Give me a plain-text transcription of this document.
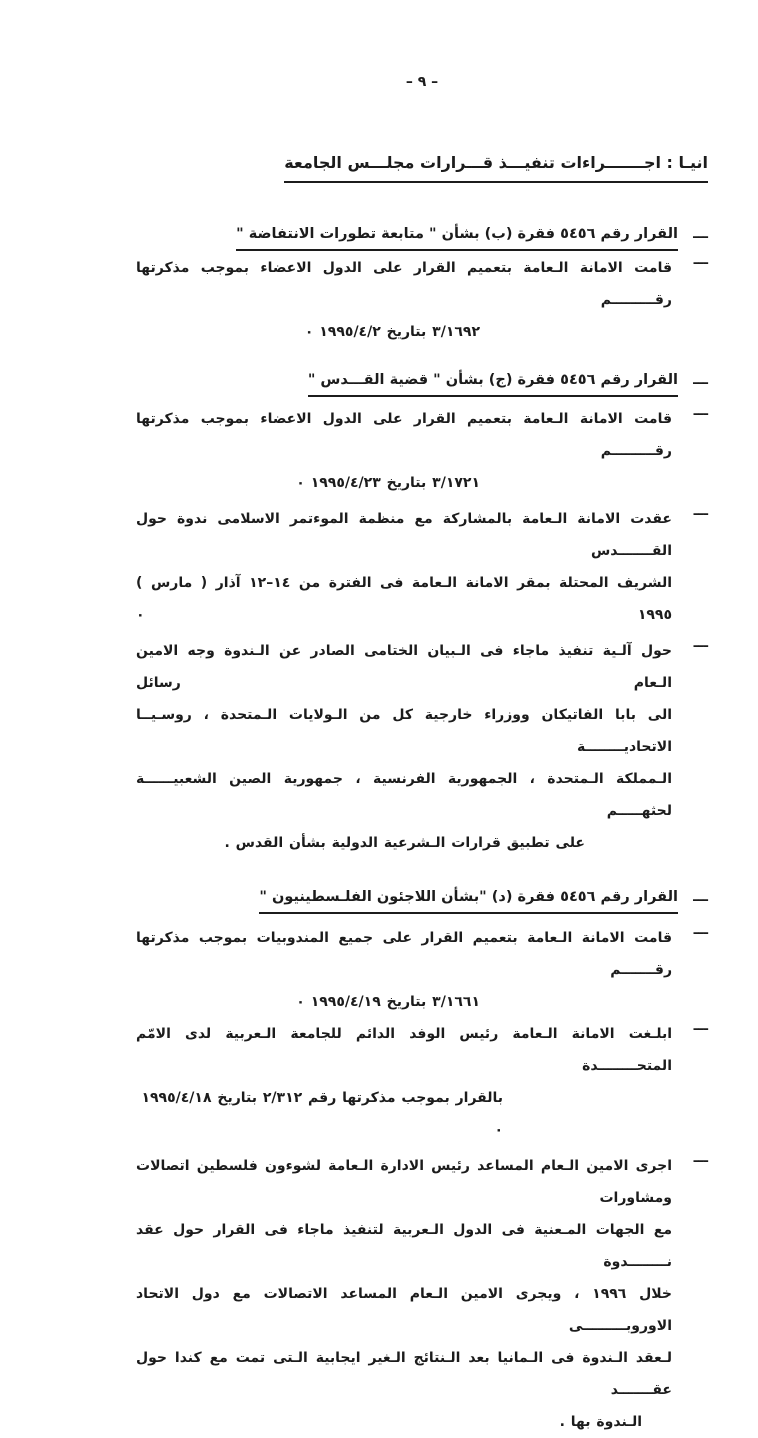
– ٩ –
انيـا : اجـــــــراءات تنفيـــذ قـــرارات مجلـــس الجامعة
ـــ
القرار رقم ٥٤٥٦ فقرة (ب) بشأن " متابعة تطورات الانتفاضة "
ـــ
قامت الامانة الـعامة بتعميم القرار على الدول الاعضاء بموجب مذكرتها رقـــــــــم
٣/١٦٩٢ بتاريخ ١٩٩٥/٤/٢ ٠
ـــ
القرار رقم ٥٤٥٦ فقرة (ج) بشأن " قضية القـــدس "
ـــ
قامت الامانة الـعامة بتعميم القرار على الدول الاعضاء بموجب مذكرتها رقـــــــــم
٣/١٧٢١ بتاريخ ١٩٩٥/٤/٢٣ ٠
ـــ
عقدت الامانة الـعامة بالمشاركة مع منظمة الموءتمر الاسلامى ندوة حول القـــــــدس
الشريف المحتلة بمقر الامانة الـعامة فى الفترة من ١٢‎–‎١٤ آذار ( مارس ) ١٩٩٥ ٠
ـــ
حول آلـية تنفيذ ماجاء فى الـبيان الختامى الصادر عن الـندوة وجه الامين الـعام رسائل
الى بابا الفاتيكان ووزراء خارجية كل من الـولايات الـمتحدة ، روسـيــا الاتحاديــــــــة
الـمملكة الـمتحدة ، الجمهورية الفرنسية ، جمهورية الصين الشعبيــــــة لحثهـــــم
على تطبيق قرارات الـشرعية الدولية بشأن القدس .
ـــ
القرار رقم ٥٤٥٦ فقرة (د) "بشأن اللاجئون الفلـسطينيون "
ـــ
قامت الامانة الـعامة بتعميم القرار على جميع المندوبيات بموجب مذكرتها رقـــــــم
٣/١٦٦١ بتاريخ ١٩٩٥/٤/١٩ ٠
ـــ
ابلـغت الامانة الـعامة رئيس الوفد الدائم للجامعة الـعربية لدى الامّم المتحــــــــدة
بالقرار بموجب مذكرتها رقم ٢/٣١٢ بتاريخ ١٩٩٥/٤/١٨ ٠
ـــ
اجرى الامين الـعام المساعد رئيس الادارة الـعامة لشوءون فلسطين اتصالات ومشاورات
مع الجهات المـعنية فى الدول الـعربية لتنفيذ ماجاء فى القرار حول عقد نــــــــدوة
خلال ١٩٩٦ ، ويجرى الامين الـعام المساعد الاتصالات مع دول الاتحاد الاوروبـــــــــى
لـعقد الـندوة فى الـمانيا بعد الـنتائج الـغير ايجابية الـتى تمت مع كندا حول عقـــــــد
الـندوة بها .
